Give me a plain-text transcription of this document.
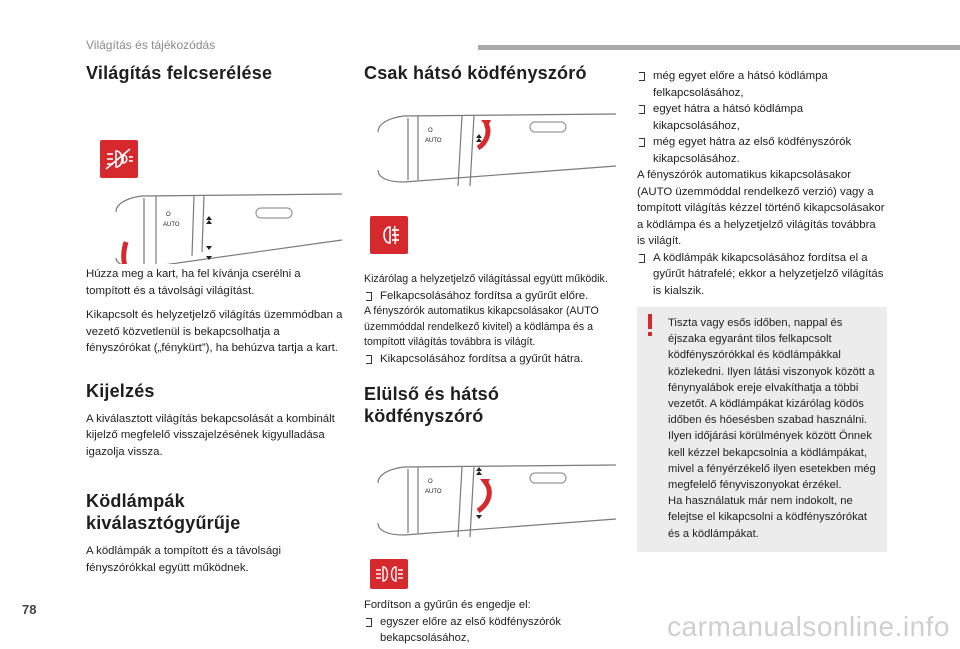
Világítás és tájékozódás
Világítás felcserélése
O
AUTO

Húzza meg a kart, ha fel kívánja cserélni a tompított és a távolsági világítást.

Kikapcsolt és helyzetjelző világítás üzemmódban a vezető közvetlenül is bekapcsolhatja a fényszórókat („fénykürt”), ha behúzva tartja a kart.

Kijelzés

A kiválasztott világítás bekapcsolását a kombinált kijelző megfelelő visszajelzésének kigyulladása igazolja vissza.

Ködlámpák
kiválasztógyűrűje

A ködlámpák a tompított és a távolsági fényszórókkal együtt működnek.

Csak hátsó ködfényszóró
O
AUTO

Kizárólag a helyzetjelző világítással együtt működik.

Felkapcsolásához fordítsa a gyűrűt előre.

A fényszórók automatikus kikapcsolásakor (AUTO üzemmóddal rendelkező kivitel) a ködlámpa és a tompított világítás továbbra is világít.

Kikapcsolásához fordítsa a gyűrűt hátra.
Elülső és hátsó
ködfényszóró
O
AUTO

Fordítson a gyűrűn és engedje el:

egyszer előre az első ködfényszórók bekapcsolásához,
még egyet előre a hátsó ködlámpa felkapcsolásához,
egyet hátra a hátsó ködlámpa kikapcsolásához,
még egyet hátra az első ködfényszórók kikapcsolásához.

A fényszórók automatikus kikapcsolásakor (AUTO üzemmóddal rendelkező verzió) vagy a tompított világítás kézzel történő kikapcsolásakor a ködlámpa és a helyzetjelző világítás továbbra is világít.

A ködlámpák kikapcsolásához fordítsa el a gyűrűt hátrafelé; ekkor a helyzetjelző világítás is kialszik.

Tiszta vagy esős időben, nappal és éjszaka egyaránt tilos felkapcsolt ködfényszórókkal és ködlámpákkal közlekedni. Ilyen látási viszonyok között a fénynyalábok ereje elvakíthatja a többi vezetőt. A ködlámpákat kizárólag ködös időben és hóesésben szabad használni. Ilyen időjárási körülmények között Önnek kell kézzel bekapcsolnia a ködlámpákat, mivel a fényérzékelő ilyen esetekben még megfelelő fényviszonyokat érzékel.

Ha használatuk már nem indokolt, ne felejtse el kikapcsolni a ködfényszórókat és a ködlámpákat.

78
carmanualsonline.info
